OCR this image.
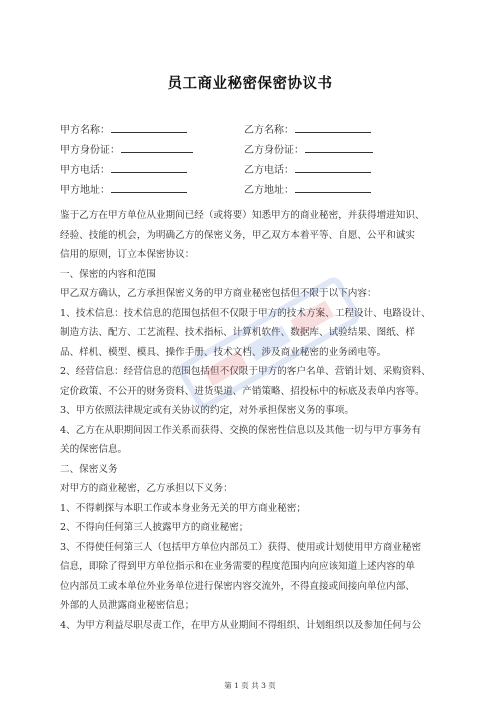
员工商业秘密保密协议书
甲方名称：	乙方名称：
甲方身份证：	乙方身份证：
甲方电话：	乙方电话：
甲方地址：	乙方地址：

鉴于乙方在甲方单位从业期间已经（或将要）知悉甲方的商业秘密，并获得增进知识、

经验、技能的机会，为明确乙方的保密义务，甲乙双方本着平等、自愿、公平和诚实

信用的原则，订立本保密协议：

一、保密的内容和范围

甲乙双方确认，乙方承担保密义务的甲方商业秘密包括但不限于以下内容：

1、技术信息：技术信息的范围包括但不仅限于甲方的技术方案、工程设计、电路设计、

制造方法、配方、工艺流程、技术指标、计算机软件、数据库、试验结果、图纸、样

品、样机、模型、模具、操作手册、技术文档、涉及商业秘密的业务函电等。

2、经营信息：经营信息的范围包括但不仅限于甲方的客户名单、营销计划、采购资料、

定价政策、不公开的财务资料、进货渠道、产销策略、招投标中的标底及表单内容等。

3、甲方依照法律规定或有关协议的约定，对外承担保密义务的事项。

4、乙方在从职期间因工作关系而获得、交换的保密性信息以及其他一切与甲方事务有

关的保密信息。

二、保密义务

对甲方的商业秘密，乙方承担以下义务：

1、不得刺探与本职工作或本身业务无关的甲方商业秘密；

2、不得向任何第三人披露甲方的商业秘密；

3、不得使任何第三人（包括甲方单位内部员工）获得、使用或计划使用甲方商业秘密

信息，即除了得到甲方单位指示和在业务需要的程度范围内向应该知道上述内容的单

位内部员工或本单位外业务单位进行保密内容交流外，不得直接或间接向单位内部、

外部的人员泄露商业秘密信息；

4、为甲方利益尽职尽责工作，在甲方从业期间不得组织、计划组织以及参加任何与公

第 1 页 共 3 页
